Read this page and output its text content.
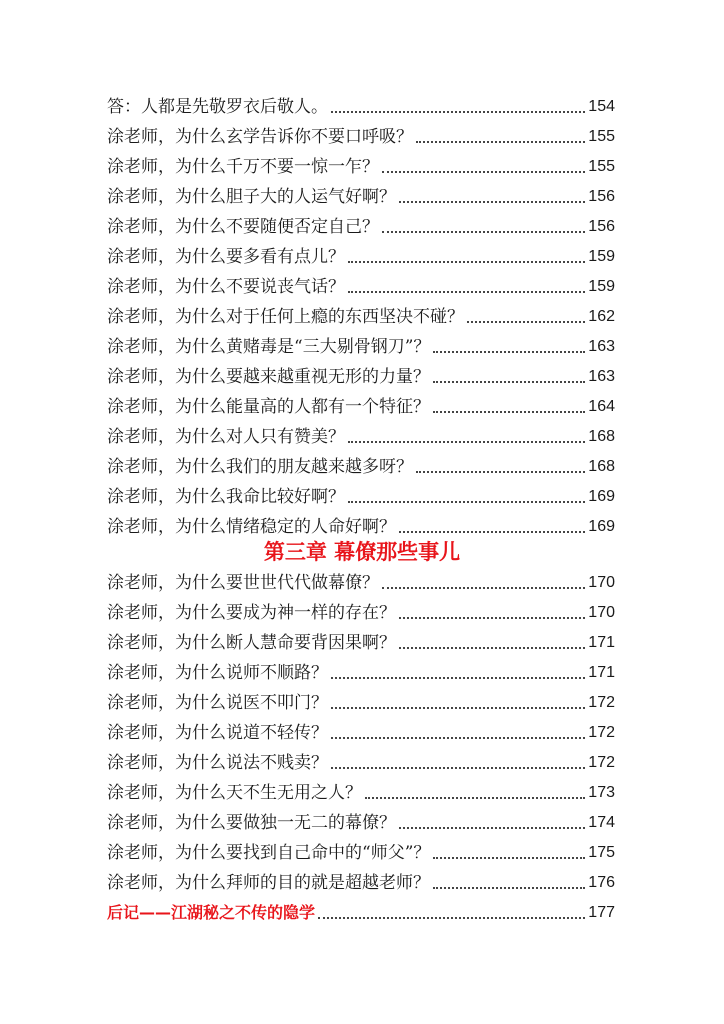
答：人都是先敬罗衣后敬人。	154
涂老师，为什么玄学告诉你不要口呼吸？	155
涂老师，为什么千万不要一惊一乍？	155
涂老师，为什么胆子大的人运气好啊？	156
涂老师，为什么不要随便否定自己？	156
涂老师，为什么要多看有点儿？	159
涂老师，为什么不要说丧气话？	159
涂老师，为什么对于任何上瘾的东西坚决不碰？	162
涂老师，为什么黄赌毒是“三大剔骨钢刀”？	163
涂老师，为什么要越来越重视无形的力量？	163
涂老师，为什么能量高的人都有一个特征？	164
涂老师，为什么对人只有赞美？	168
涂老师，为什么我们的朋友越来越多呀？	168
涂老师，为什么我命比较好啊？	169
涂老师，为什么情绪稳定的人命好啊？	169
第三章 幕僚那些事儿
涂老师，为什么要世世代代做幕僚？	170
涂老师，为什么要成为神一样的存在？	170
涂老师，为什么断人慧命要背因果啊？	171
涂老师，为什么说师不顺路？	171
涂老师，为什么说医不叩门？	172
涂老师，为什么说道不轻传？	172
涂老师，为什么说法不贱卖？	172
涂老师，为什么天不生无用之人？	173
涂老师，为什么要做独一无二的幕僚？	174
涂老师，为什么要找到自己命中的“师父”？	175
涂老师，为什么拜师的目的就是超越老师？	176
后记——江湖秘之不传的隐学	177
